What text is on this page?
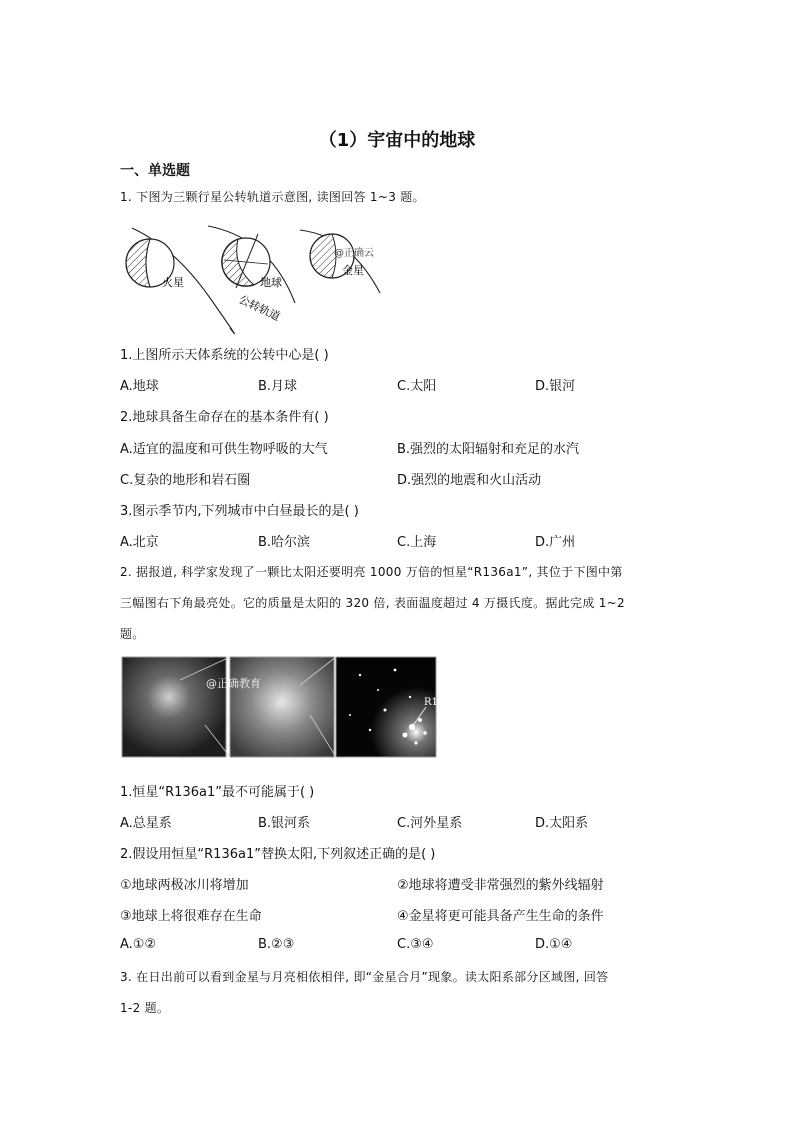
（1）宇宙中的地球
一、单选题
1. 下图为三颗行星公转轨道示意图, 读图回答 1~3 题。
火星	地球
公转轨道
@正确云
金星
1.上图所示天体系统的公转中心是( )
A.地球	B.月球	C.太阳	D.银河
2.地球具备生命存在的基本条件有( )
A.适宜的温度和可供生物呼吸的大气	B.强烈的太阳辐射和充足的水汽
C.复杂的地形和岩石圈	D.强烈的地震和火山活动
3.图示季节内,下列城市中白昼最长的是( )
A.北京	B.哈尔滨	C.上海	D.广州
2. 据报道, 科学家发现了一颗比太阳还要明亮 1000 万倍的恒星“R136a1”, 其位于下图中第
三幅图右下角最亮处。它的质量是太阳的 320 倍, 表面温度超过 4 万摄氏度。据此完成 1~2
题。
@正确教育
R136a1
1.恒星“R136a1”最不可能属于( )
A.总星系	B.银河系	C.河外星系	D.太阳系
2.假设用恒星“R136a1”替换太阳,下列叙述正确的是( )
①地球两极冰川将增加	②地球将遭受非常强烈的紫外线辐射
③地球上将很难存在生命	④金星将更可能具备产生生命的条件
A.①②	B.②③	C.③④	D.①④
3. 在日出前可以看到金星与月亮相依相伴, 即“金星合月”现象。读太阳系部分区域图, 回答
1-2 题。
